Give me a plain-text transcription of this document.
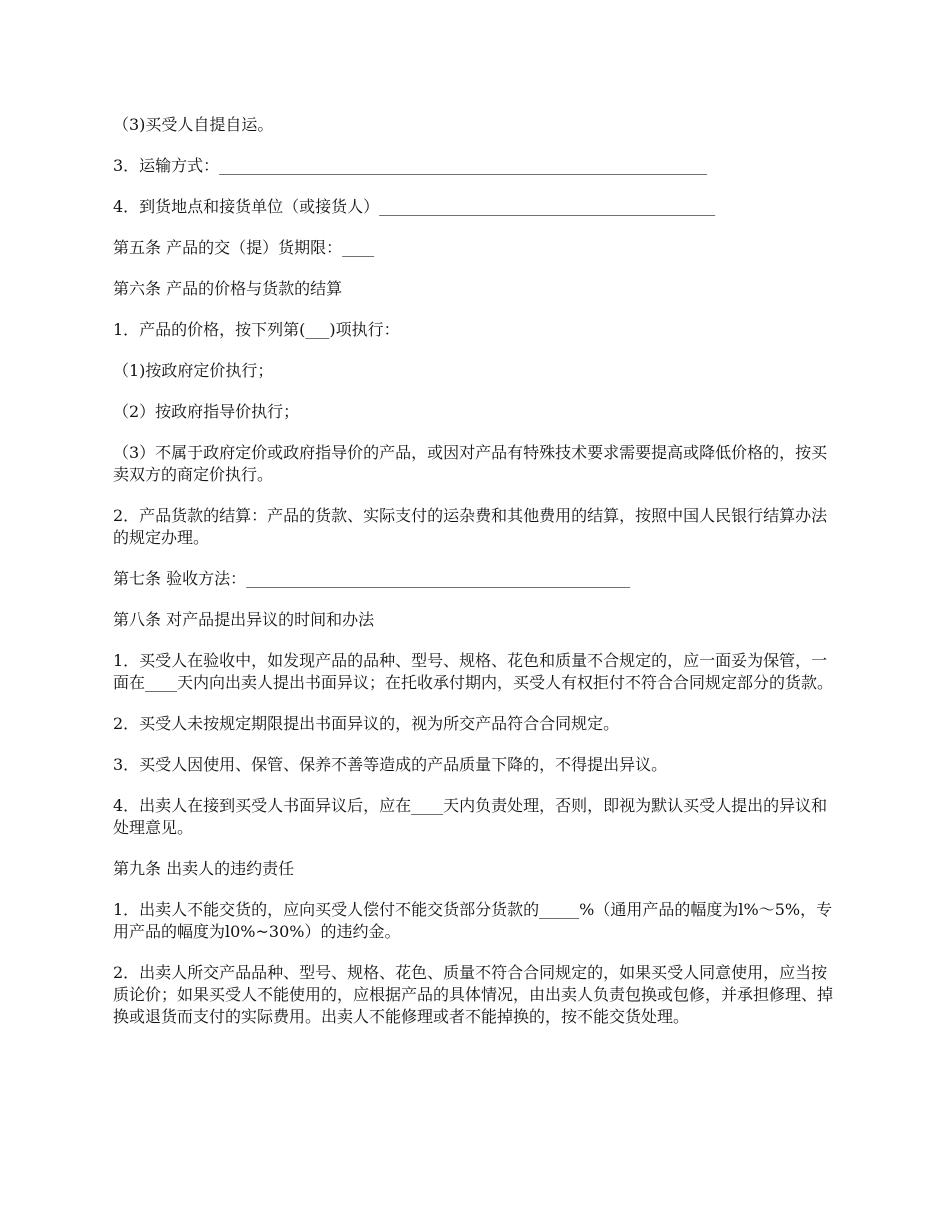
（3)买受人自提自运。

3．运输方式：_____________________________________________________________

4．到货地点和接货单位（或接货人）__________________________________________

第五条 产品的交（提）货期限：____

第六条 产品的价格与货款的结算

1．产品的价格，按下列第(___)项执行：

（1)按政府定价执行；

（2）按政府指导价执行；

（3）不属于政府定价或政府指导价的产品，或因对产品有特殊技术要求需要提高或降低价格的，按买卖双方的商定价执行。

2．产品货款的结算：产品的货款、实际支付的运杂费和其他费用的结算，按照中国人民银行结算办法的规定办理。

第七条 验收方法：________________________________________________

第八条 对产品提出异议的时间和办法

1．买受人在验收中，如发现产品的品种、型号、规格、花色和质量不合规定的，应一面妥为保管，一面在____天内向出卖人提出书面异议；在托收承付期内，买受人有权拒付不符合合同规定部分的货款。

2．买受人未按规定期限提出书面异议的，视为所交产品符合合同规定。

3．买受人因使用、保管、保养不善等造成的产品质量下降的，不得提出异议。

4．出卖人在接到买受人书面异议后，应在____天内负责处理，否则，即视为默认买受人提出的异议和处理意见。

第九条 出卖人的违约责任

1．出卖人不能交货的，应向买受人偿付不能交货部分货款的_____%（通用产品的幅度为l%～5%，专用产品的幅度为l0%~30%）的违约金。

2．出卖人所交产品品种、型号、规格、花色、质量不符合合同规定的，如果买受人同意使用，应当按质论价；如果买受人不能使用的，应根据产品的具体情况，由出卖人负责包换或包修，并承担修理、掉换或退货而支付的实际费用。出卖人不能修理或者不能掉换的，按不能交货处理。
